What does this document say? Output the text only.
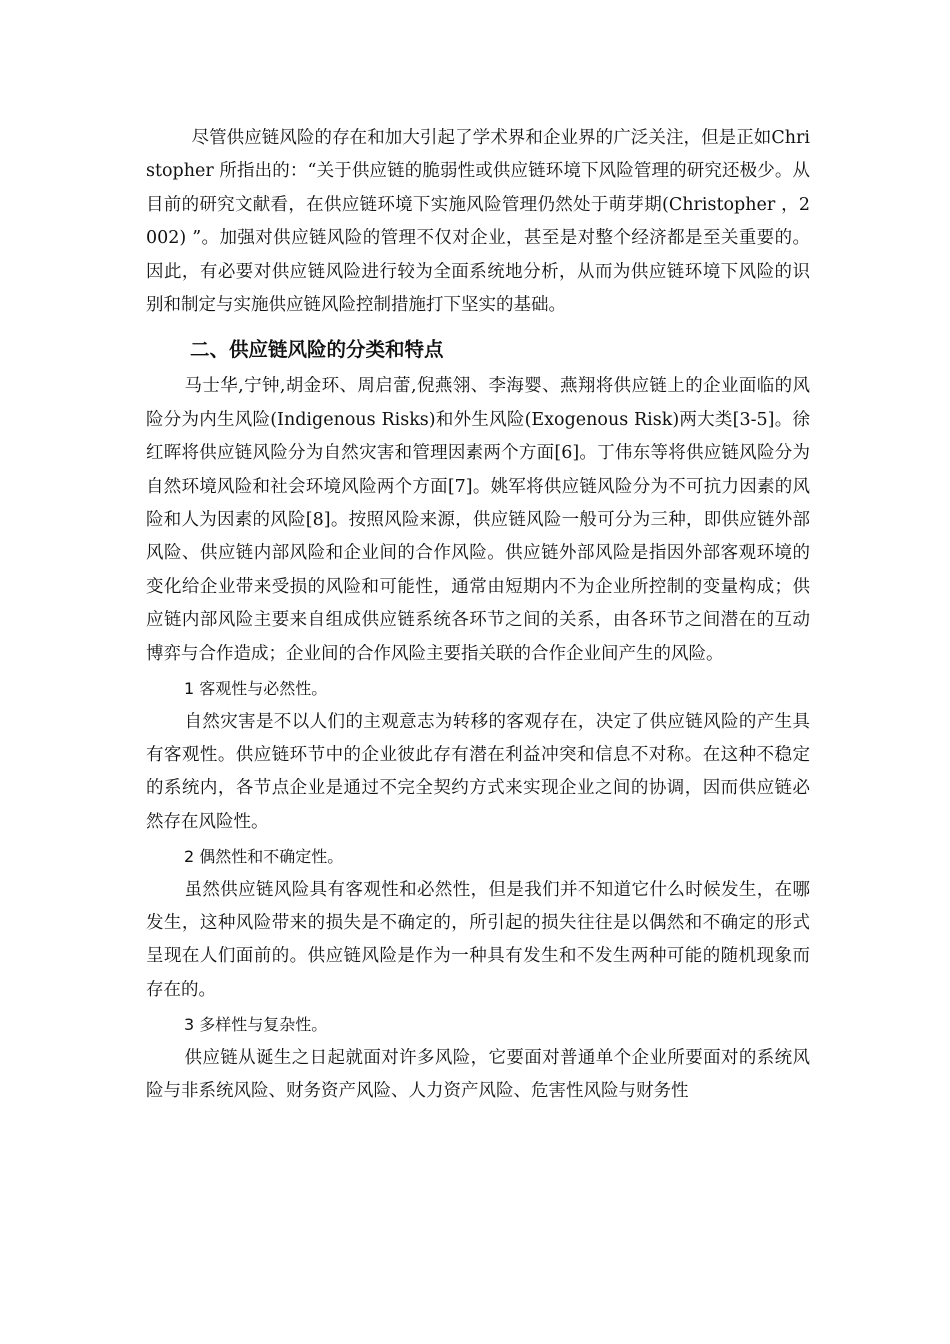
尽管供应链风险的存在和加大引起了学术界和企业界的广泛关注，但是正如Christopher 所指出的：“关于供应链的脆弱性或供应链环境下风险管理的研究还极少。从目前的研究文献看，在供应链环境下实施风险管理仍然处于萌芽期(Christopher ，2002) ”。加强对供应链风险的管理不仅对企业，甚至是对整个经济都是至关重要的。因此，有必要对供应链风险进行较为全面系统地分析，从而为供应链环境下风险的识别和制定与实施供应链风险控制措施打下坚实的基础。

二、供应链风险的分类和特点

马士华,宁钟,胡金环、周启蕾,倪燕翎、李海婴、燕翔将供应链上的企业面临的风险分为内生风险(Indigenous Risks)和外生风险(Exogenous Risk)两大类[3-5]。徐红晖将供应链风险分为自然灾害和管理因素两个方面[6]。丁伟东等将供应链风险分为自然环境风险和社会环境风险两个方面[7]。姚军将供应链风险分为不可抗力因素的风险和人为因素的风险[8]。按照风险来源，供应链风险一般可分为三种，即供应链外部风险、供应链内部风险和企业间的合作风险。供应链外部风险是指因外部客观环境的变化给企业带来受损的风险和可能性，通常由短期内不为企业所控制的变量构成；供应链内部风险主要来自组成供应链系统各环节之间的关系，由各环节之间潜在的互动博弈与合作造成；企业间的合作风险主要指关联的合作企业间产生的风险。

1 客观性与必然性。

自然灾害是不以人们的主观意志为转移的客观存在，决定了供应链风险的产生具有客观性。供应链环节中的企业彼此存有潜在利益冲突和信息不对称。在这种不稳定的系统内，各节点企业是通过不完全契约方式来实现企业之间的协调，因而供应链必然存在风险性。

2 偶然性和不确定性。

虽然供应链风险具有客观性和必然性，但是我们并不知道它什么时候发生，在哪发生，这种风险带来的损失是不确定的，所引起的损失往往是以偶然和不确定的形式呈现在人们面前的。供应链风险是作为一种具有发生和不发生两种可能的随机现象而存在的。

3 多样性与复杂性。

供应链从诞生之日起就面对许多风险，它要面对普通单个企业所要面对的系统风险与非系统风险、财务资产风险、人力资产风险、危害性风险与财务性
